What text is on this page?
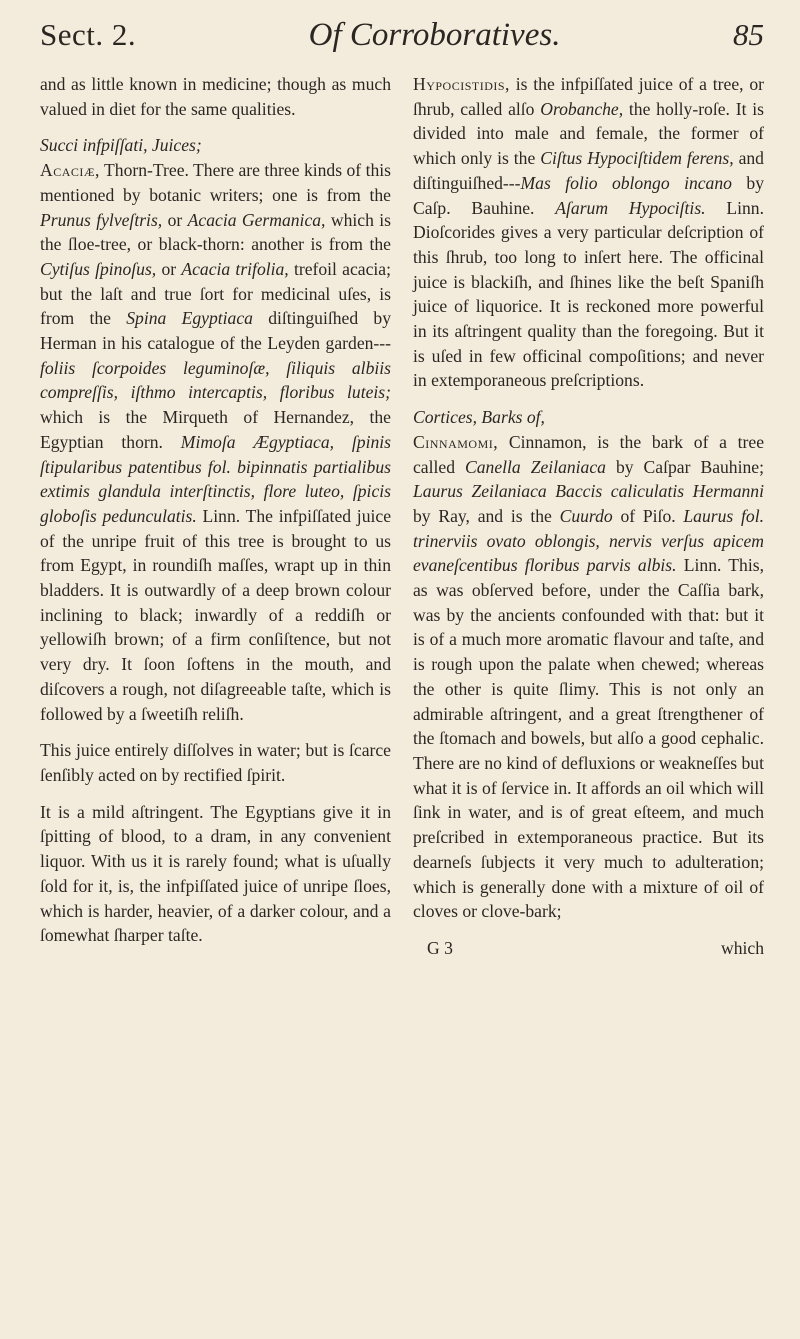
Sect. 2.	Of Corroboratives.	85

and as little known in medicine; though as much valued in diet for the same qualities.

Succi infpiſſati, Juices;

Acaciæ, Thorn-Tree. There are three kinds of this mentioned by botanic writers; one is from the Prunus fylveſtris, or Acacia Germanica, which is the ſloe-tree, or black-thorn: another is from the Cytiſus ſpinoſus, or Acacia trifolia, trefoil acacia; but the laſt and true ſort for medicinal uſes, is from the Spina Egyptiaca diſtinguiſhed by Herman in his catalogue of the Leyden garden---foliis ſcorpoides leguminoſæ, ſiliquis albiis compreſſis, iſthmo intercaptis, floribus luteis; which is the Mirqueth of Hernandez, the Egyptian thorn. Mimoſa Ægyptiaca, ſpinis ſtipularibus patentibus fol. bipinnatis partialibus extimis glandula interſtinctis, flore luteo, ſpicis globoſis pedunculatis. Linn. The infpiſſated juice of the unripe fruit of this tree is brought to us from Egypt, in roundiſh maſſes, wrapt up in thin bladders. It is outwardly of a deep brown colour inclining to black; inwardly of a reddiſh or yellowiſh brown; of a firm conſiſtence, but not very dry. It ſoon ſoftens in the mouth, and diſcovers a rough, not diſagreeable taſte, which is followed by a ſweetiſh reliſh.

This juice entirely diſſolves in water; but is ſcarce ſenſibly acted on by rectified ſpirit.

It is a mild aſtringent. The Egyptians give it in ſpitting of blood, to a dram, in any convenient liquor. With us it is rarely found; what is uſually ſold for it, is, the infpiſſated juice of unripe ſloes, which is harder, heavier, of a darker colour, and a ſomewhat ſharper taſte.

Hypocistidis, is the infpiſſated juice of a tree, or ſhrub, called alſo Orobanche, the holly-roſe. It is divided into male and female, the former of which only is the Ciſtus Hypociſtidem ferens, and diſtinguiſhed---Mas folio oblongo incano by Caſp. Bauhine. Aſarum Hypociſtis. Linn. Dioſcorides gives a very particular deſcription of this ſhrub, too long to inſert here. The officinal juice is blackiſh, and ſhines like the beſt Spaniſh juice of liquorice. It is reckoned more powerful in its aſtringent quality than the foregoing. But it is uſed in few officinal compoſitions; and never in extemporaneous preſcriptions.

Cortices, Barks of,

Cinnamomi, Cinnamon, is the bark of a tree called Canella Zeilaniaca by Caſpar Bauhine; Laurus Zeilaniaca Baccis caliculatis Hermanni by Ray, and is the Cuurdo of Piſo. Laurus fol. trinerviis ovato oblongis, nervis verſus apicem evaneſcentibus floribus parvis albis. Linn. This, as was obſerved before, under the Caſſia bark, was by the ancients confounded with that: but it is of a much more aromatic flavour and taſte, and is rough upon the palate when chewed; whereas the other is quite ſlimy. This is not only an admirable aſtringent, and a great ſtrengthener of the ſtomach and bowels, but alſo a good cephalic. There are no kind of defluxions or weakneſſes but what it is of ſervice in. It affords an oil which will ſink in water, and is of great eſteem, and much preſcribed in extemporaneous practice. But its dearneſs ſubjects it very much to adulteration; which is generally done with a mixture of oil of cloves or clove-bark;

G 3	which
